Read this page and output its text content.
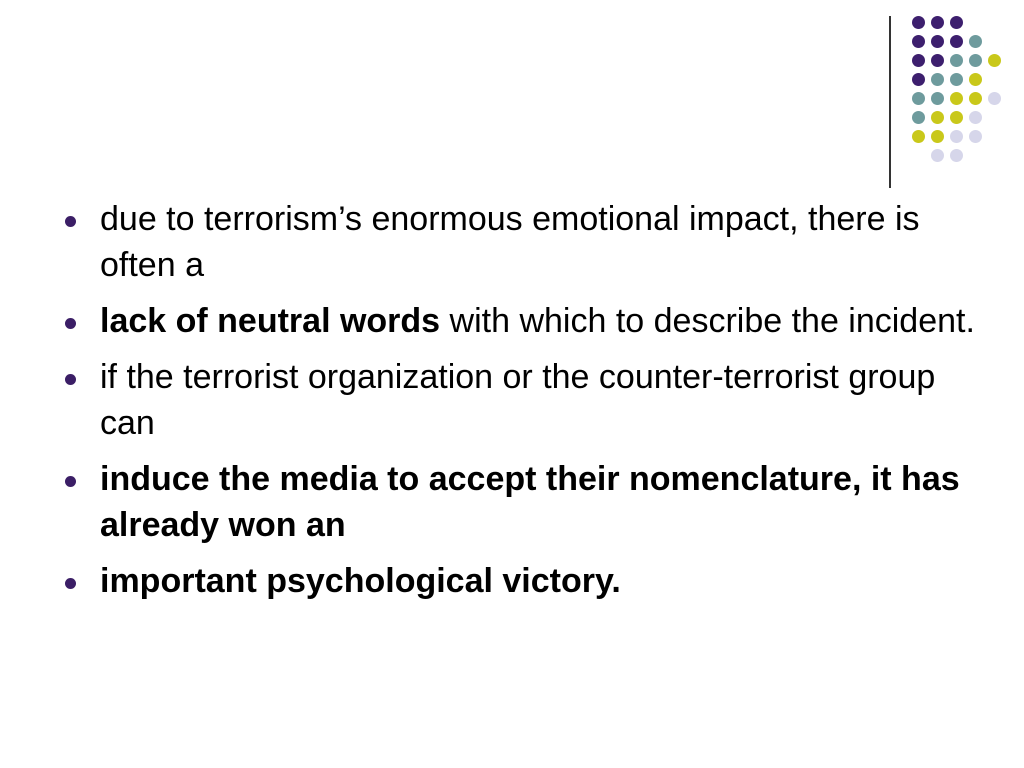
due to terrorism’s enormous emotional impact, there is often a
lack of neutral words with which to describe the incident.
if the terrorist organization or the counter-terrorist group can
induce the media to accept their nomenclature, it has already won an
important psychological victory.
